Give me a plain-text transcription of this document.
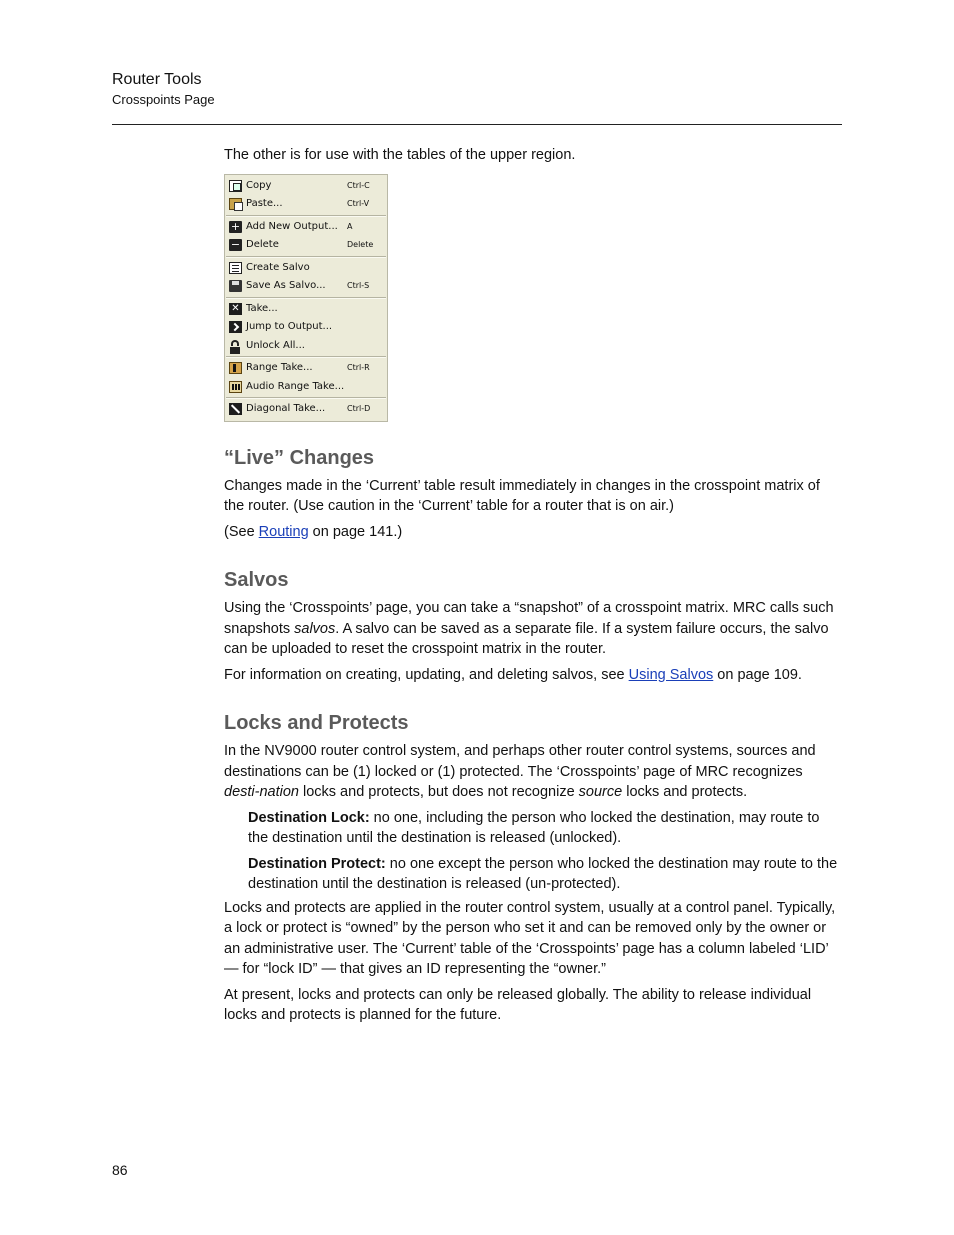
Router Tools
Crosspoints Page

The other is for use with the tables of the upper region.

Copy	Ctrl-C
Paste...	Ctrl-V
+ Add New Output...	A
− Delete	Delete
Create Salvo
Save As Salvo...	Ctrl-S
✕ Take...
Jump to Output...
Unlock All...
Range Take...	Ctrl-R
Audio Range Take...
Diagonal Take...	Ctrl-D
“Live” Changes

Changes made in the ‘Current’ table result immediately in changes in the crosspoint matrix of the router. (Use caution in the ‘Current’ table for a router that is on air.)

(See Routing on page 141.)

Salvos

Using the ‘Crosspoints’ page, you can take a “snapshot” of a crosspoint matrix. MRC calls such snapshots salvos. A salvo can be saved as a separate file. If a system failure occurs, the salvo can be uploaded to reset the crosspoint matrix in the router.

For information on creating, updating, and deleting salvos, see Using Salvos on page 109.

Locks and Protects

In the NV9000 router control system, and perhaps other router control systems, sources and destinations can be (1) locked or (1) protected. The ‘Crosspoints’ page of MRC recognizes desti-nation locks and protects, but does not recognize source locks and protects.

Destination Lock: no one, including the person who locked the destination, may route to the destination until the destination is released (unlocked).

Destination Protect: no one except the person who locked the destination may route to the destination until the destination is released (un-protected).

Locks and protects are applied in the router control system, usually at a control panel. Typically, a lock or protect is “owned” by the person who set it and can be removed only by the owner or an administrative user. The ‘Current’ table of the ‘Crosspoints’ page has a column labeled ‘LID’ — for “lock ID” — that gives an ID representing the “owner.”

At present, locks and protects can only be released globally. The ability to release individual locks and protects is planned for the future.

86
